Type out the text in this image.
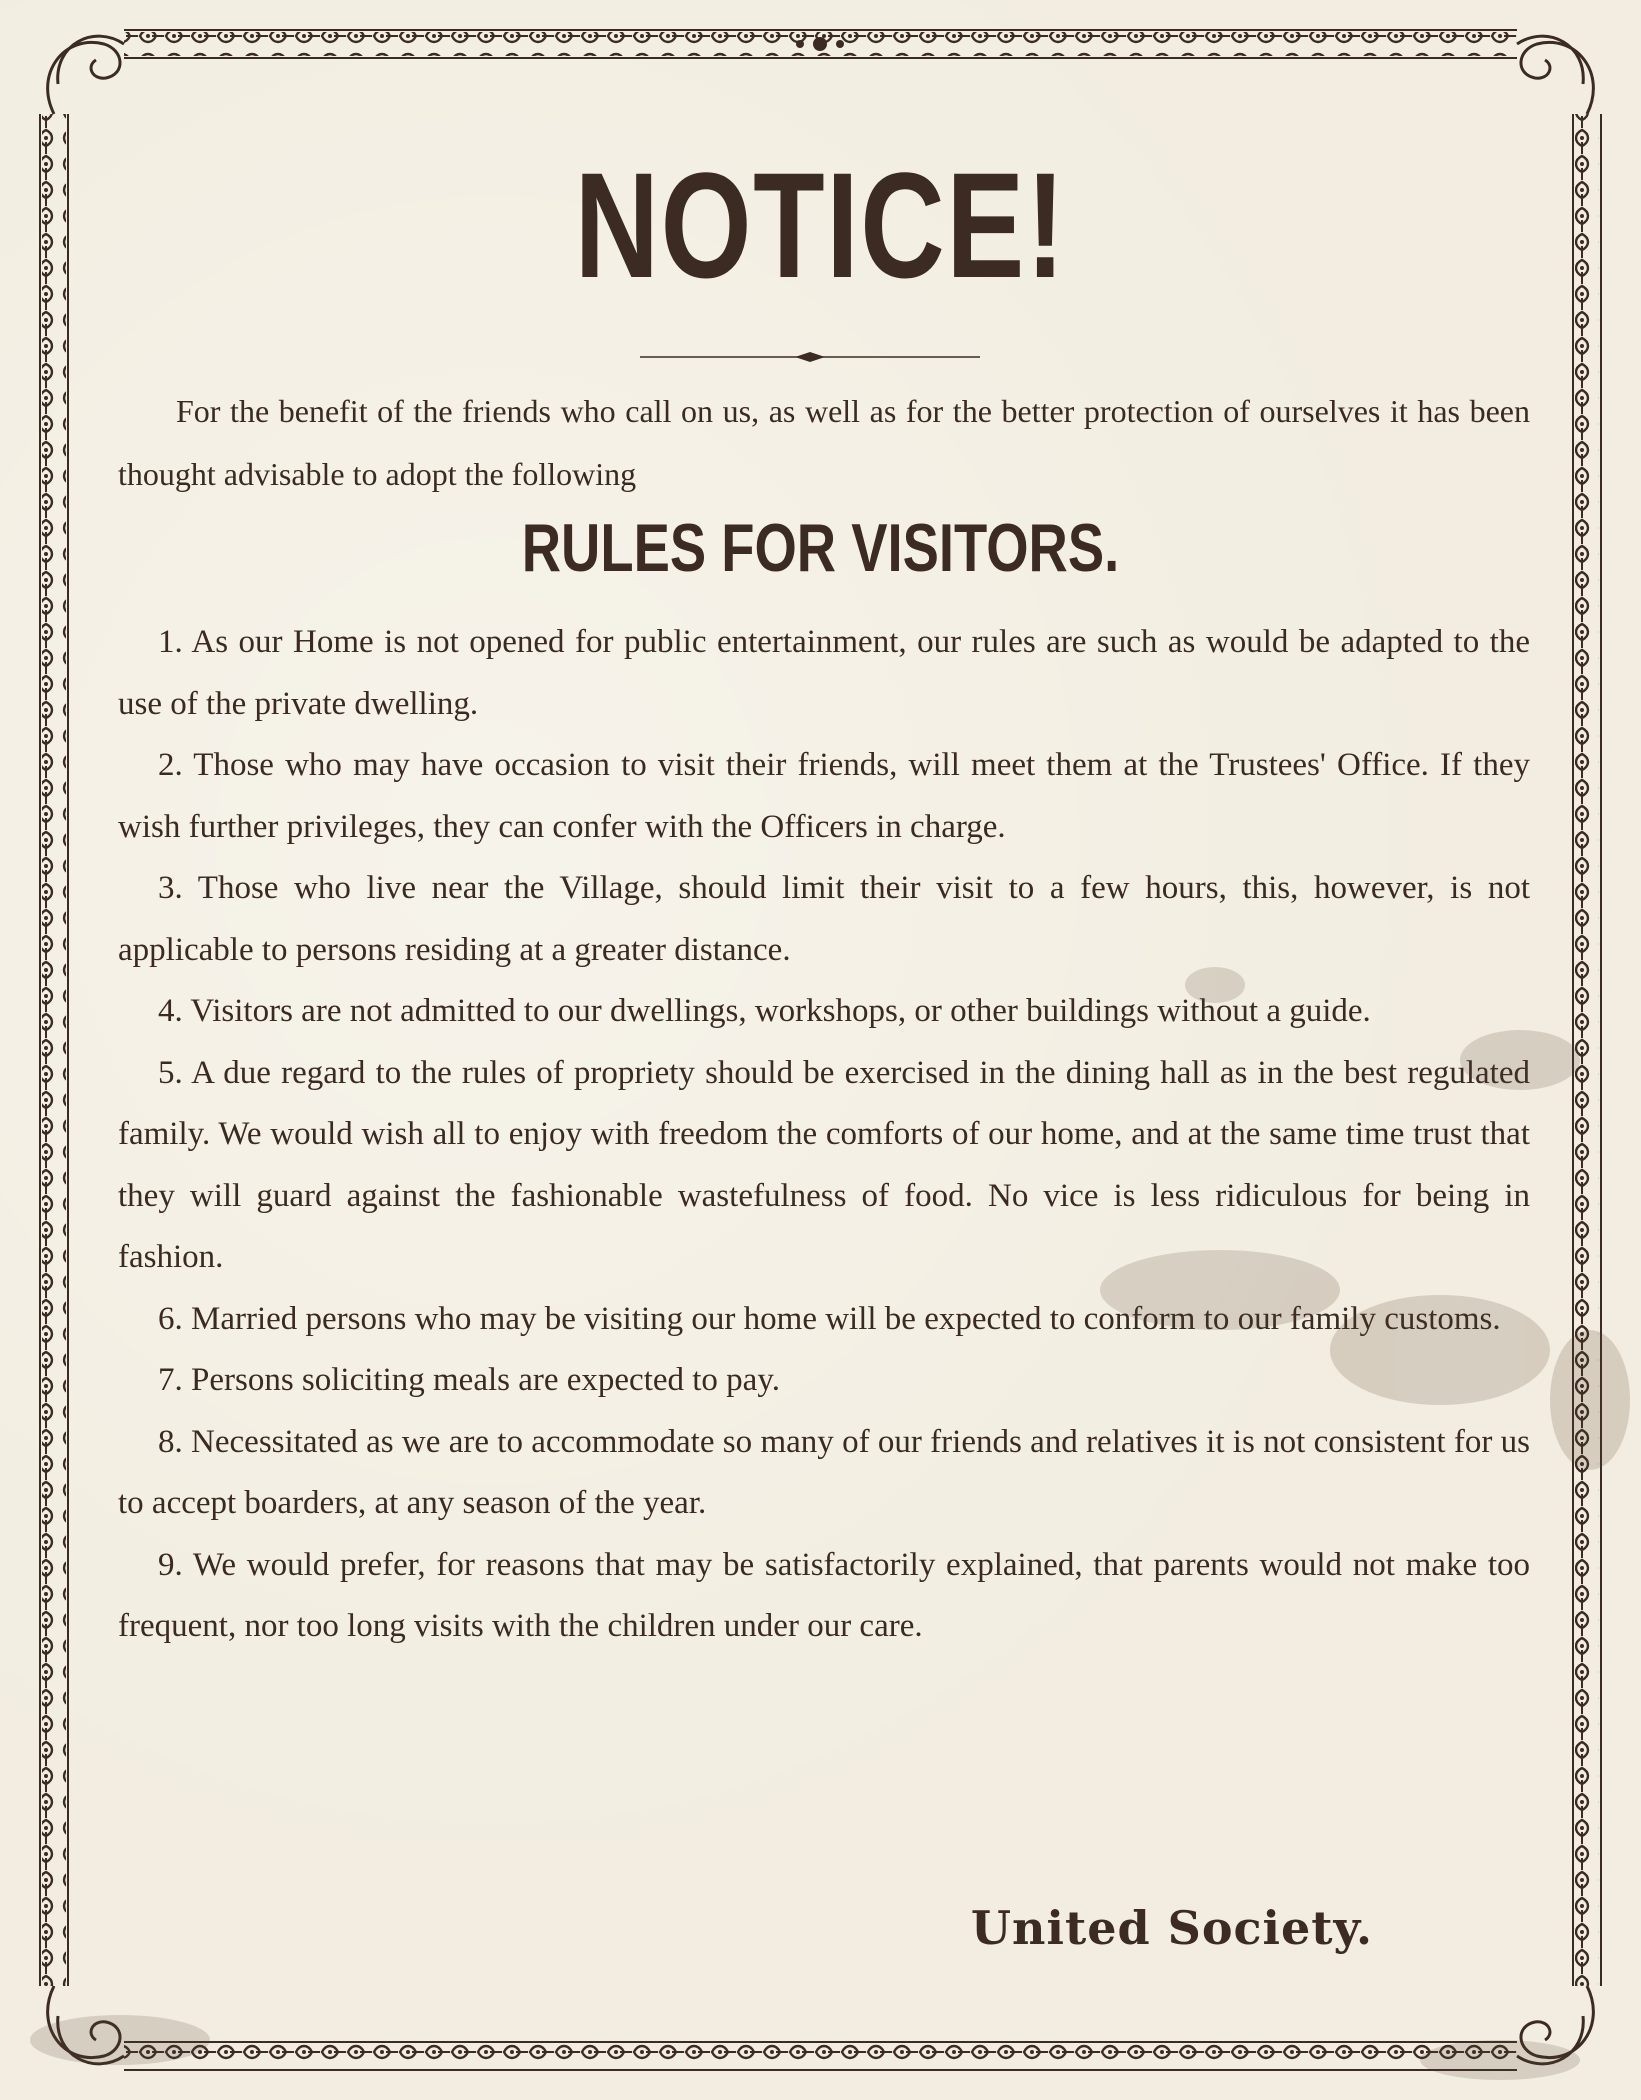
NOTICE!

For the benefit of the friends who call on us, as well as for the better protection of ourselves it has been thought advisable to adopt the following

RULES FOR VISITORS.

1. As our Home is not opened for public entertainment, our rules are such as would be adapted to the use of the private dwelling.

2. Those who may have occasion to visit their friends, will meet them at the Trustees' Office. If they wish further privileges, they can confer with the Officers in charge.

3. Those who live near the Village, should limit their visit to a few hours, this, however, is not applicable to persons residing at a greater distance.

4. Visitors are not admitted to our dwellings, workshops, or other buildings without a guide.

5. A due regard to the rules of propriety should be exercised in the dining hall as in the best regulated family. We would wish all to enjoy with freedom the comforts of our home, and at the same time trust that they will guard against the fashionable wastefulness of food. No vice is less ridiculous for being in fashion.

6. Married persons who may be visiting our home will be expected to conform to our family customs.

7. Persons soliciting meals are expected to pay.

8. Necessitated as we are to accommodate so many of our friends and relatives it is not consistent for us to accept boarders, at any season of the year.

9. We would prefer, for reasons that may be satisfactorily explained, that parents would not make too frequent, nor too long visits with the children under our care.

United Society.
